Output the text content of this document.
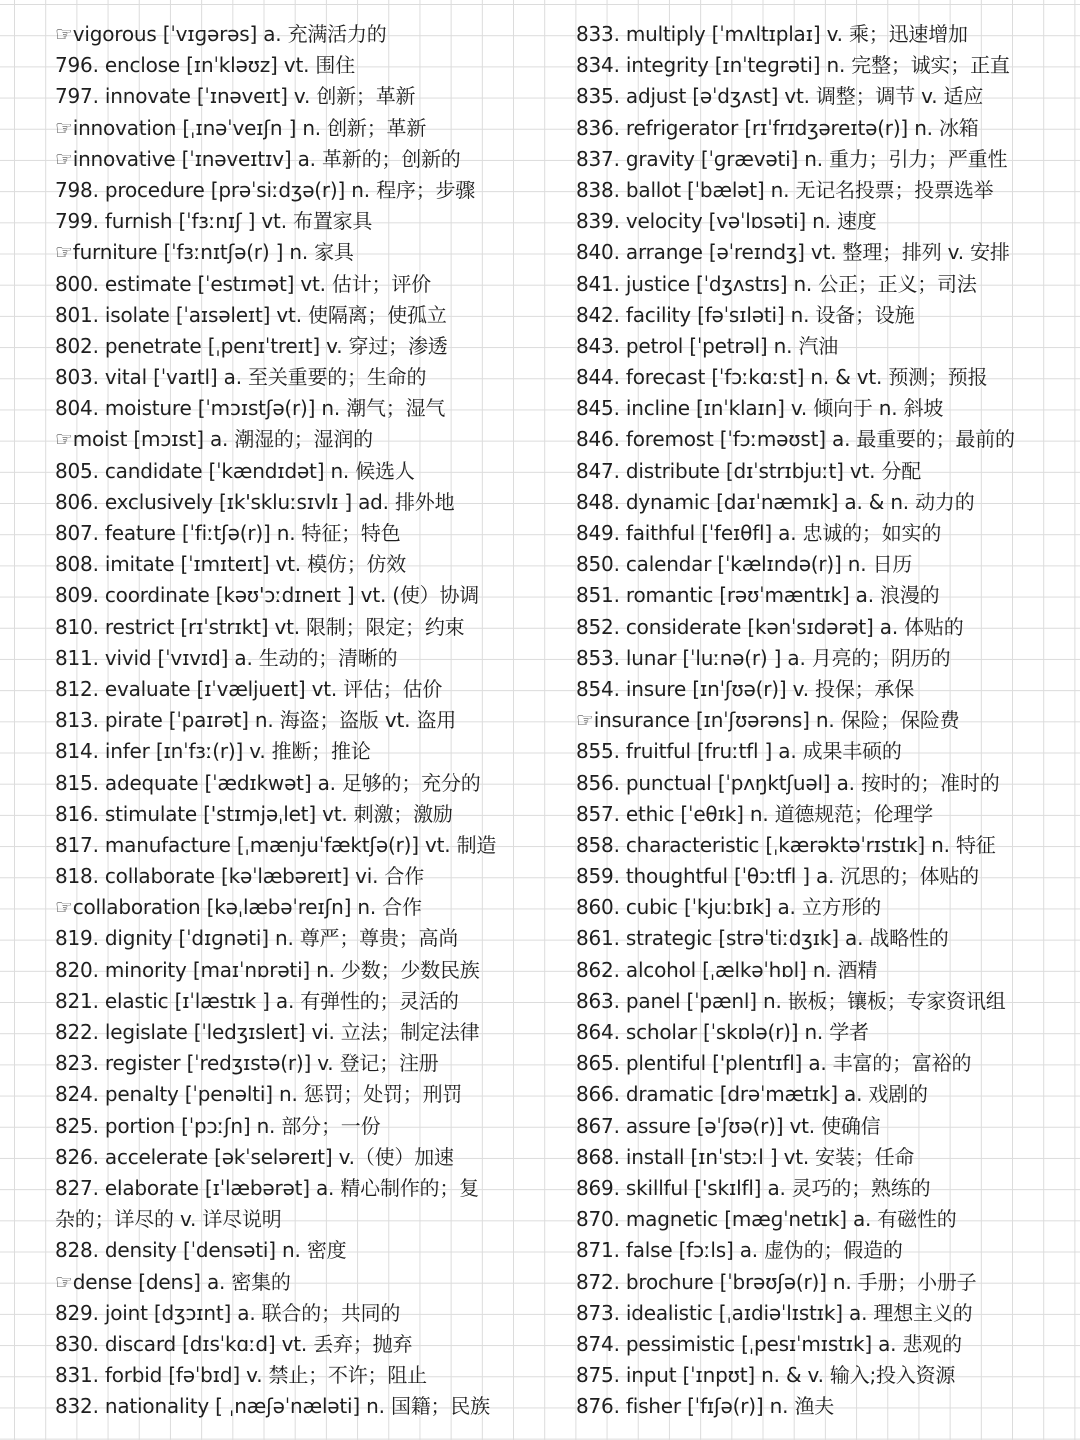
☞vigorous [ˈvɪɡərəs] a. 充满活力的
796. enclose [ɪnˈkləʊz] vt. 围住
797. innovate [ˈɪnəveɪt] v. 创新；革新
☞innovation [ˌɪnəˈveɪʃn ] n. 创新；革新
☞innovative [ˈɪnəveɪtɪv] a. 革新的；创新的
798. procedure [prəˈsiːdʒə(r)] n. 程序；步骤
799. furnish [ˈfɜːnɪʃ ] vt. 布置家具
☞furniture [ˈfɜːnɪtʃə(r) ] n. 家具
800. estimate [ˈestɪmət] vt. 估计；评价
801. isolate [ˈaɪsəleɪt] vt. 使隔离；使孤立
802. penetrate [ˌpenɪˈtreɪt] v. 穿过；渗透
803. vital [ˈvaɪtl] a. 至关重要的；生命的
804. moisture [ˈmɔɪstʃə(r)] n. 潮气；湿气
☞moist [mɔɪst] a. 潮湿的；湿润的
805. candidate [ˈkændɪdət] n. 候选人
806. exclusively [ɪk'skluːsɪvlɪ ] ad. 排外地
807. feature [ˈfiːtʃə(r)] n. 特征；特色
808. imitate [ˈɪmɪteɪt] vt. 模仿；仿效
809. coordinate [kəʊ'ɔːdɪneɪt ] vt. (使）协调
810. restrict [rɪˈstrɪkt] vt. 限制；限定；约束
811. vivid [ˈvɪvɪd] a. 生动的；清晰的
812. evaluate [ɪˈvæljueɪt] vt. 评估；估价
813. pirate [ˈpaɪrət] n. 海盗；盗版 vt. 盗用
814. infer [ɪnˈfɜː(r)] v. 推断；推论
815. adequate [ˈædɪkwət] a. 足够的；充分的
816. stimulate ['stɪmjəˌlet] vt. 刺激；激励
817. manufacture [ˌmænjuˈfæktʃə(r)] vt. 制造
818. collaborate [kəˈlæbəreɪt] vi. 合作
☞collaboration [kəˌlæbəˈreɪʃn] n. 合作
819. dignity [ˈdɪɡnəti] n. 尊严；尊贵；高尚
820. minority [maɪˈnɒrəti] n. 少数；少数民族
821. elastic [ɪˈlæstɪk ] a. 有弹性的；灵活的
822. legislate [ˈledʒɪsleɪt] vi. 立法；制定法律
823. register [ˈredʒɪstə(r)] v. 登记；注册
824. penalty [ˈpenəlti] n. 惩罚；处罚；刑罚
825. portion [ˈpɔːʃn] n. 部分；一份
826. accelerate [əkˈseləreɪt] v.（使）加速
827. elaborate [ɪˈlæbərət] a. 精心制作的；复
杂的；详尽的 v. 详尽说明
828. density [ˈdensəti] n. 密度
☞dense [dens] a. 密集的
829. joint [dʒɔɪnt] a. 联合的；共同的
830. discard [dɪsˈkɑːd] vt. 丢弃；抛弃
831. forbid [fəˈbɪd] v. 禁止；不许；阻止
832. nationality [ ˌnæʃəˈnæləti] n. 国籍；民族
833. multiply [ˈmʌltɪplaɪ] v. 乘；迅速增加
834. integrity [ɪnˈteɡrəti] n. 完整；诚实；正直
835. adjust [əˈdʒʌst] vt. 调整；调节 v. 适应
836. refrigerator [rɪˈfrɪdʒəreɪtə(r)] n. 冰箱
837. gravity [ˈɡrævəti] n. 重力；引力；严重性
838. ballot [ˈbælət] n. 无记名投票；投票选举
839. velocity [vəˈlɒsəti] n. 速度
840. arrange [əˈreɪndʒ] vt. 整理；排列 v. 安排
841. justice [ˈdʒʌstɪs] n. 公正；正义；司法
842. facility [fəˈsɪləti] n. 设备；设施
843. petrol [ˈpetrəl] n. 汽油
844. forecast [ˈfɔːkɑːst] n. & vt. 预测；预报
845. incline [ɪnˈklaɪn] v. 倾向于 n. 斜坡
846. foremost [ˈfɔːməʊst] a. 最重要的；最前的
847. distribute [dɪˈstrɪbjuːt] vt. 分配
848. dynamic [daɪˈnæmɪk] a. & n. 动力的
849. faithful [ˈfeɪθfl] a. 忠诚的；如实的
850. calendar [ˈkælɪndə(r)] n. 日历
851. romantic [rəʊˈmæntɪk] a. 浪漫的
852. considerate [kənˈsɪdərət] a. 体贴的
853. lunar [ˈluːnə(r) ] a. 月亮的；阴历的
854. insure [ɪnˈʃʊə(r)] v. 投保；承保
☞insurance [ɪnˈʃʊərəns] n. 保险；保险费
855. fruitful [fruːtfl ] a. 成果丰硕的
856. punctual [ˈpʌŋktʃuəl] a. 按时的；准时的
857. ethic [ˈeθɪk] n. 道德规范；伦理学
858. characteristic [ˌkærəktəˈrɪstɪk] n. 特征
859. thoughtful [ˈθɔːtfl ] a. 沉思的；体贴的
860. cubic [ˈkjuːbɪk] a. 立方形的
861. strategic [strəˈtiːdʒɪk] a. 战略性的
862. alcohol [ˌælkəˈhɒl] n. 酒精
863. panel [ˈpænl] n. 嵌板；镶板；专家资讯组
864. scholar [ˈskɒlə(r)] n. 学者
865. plentiful ['plentɪfl] a. 丰富的；富裕的
866. dramatic [drəˈmætɪk] a. 戏剧的
867. assure [əˈʃʊə(r)] vt. 使确信
868. install [ɪnˈstɔːl ] vt. 安装；任命
869. skillful ['skɪlfl] a. 灵巧的；熟练的
870. magnetic [mæɡˈnetɪk] a. 有磁性的
871. false [fɔːls] a. 虚伪的；假造的
872. brochure [ˈbrəʊʃə(r)] n. 手册；小册子
873. idealistic [ˌaɪdiəˈlɪstɪk] a. 理想主义的
874. pessimistic [ˌpesɪˈmɪstɪk] a. 悲观的
875. input [ˈɪnpʊt] n. & v. 输入;投入资源
876. fisher [ˈfɪʃə(r)] n. 渔夫
